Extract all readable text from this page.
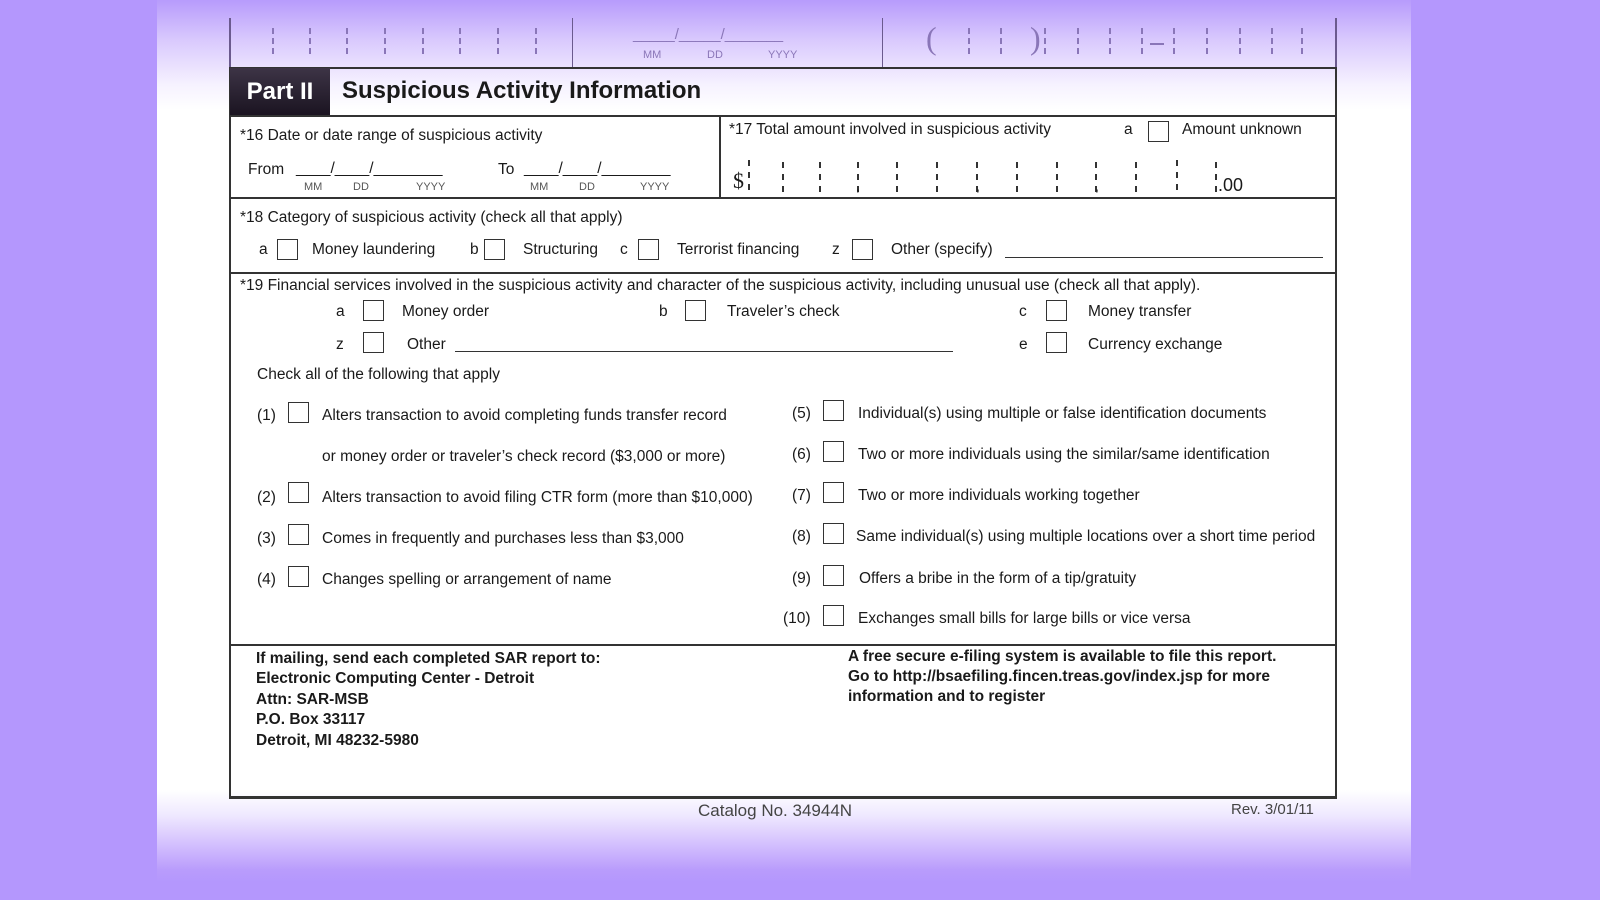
_____/_____/_______
MM	DD	YYYY	(	)
Part II	Suspicious Activity Information
*16 Date or date range of suspicious activity
From ____/____/________
MM	DD	YYYY
To ____/____/________
MM	DD	YYYY
*17 Total amount involved in suspicious activity	a	Amount unknown
$	,	,	,	.00
*18 Category of suspicious activity (check all that apply)
a	Money laundering b	Structuring c	Terrorist financing z	Other (specify)
*19 Financial services involved in the suspicious activity and character of the suspicious activity, including unusual use (check all that apply).
a	Money order	b	Traveler’s check	c	Money transfer
z	Other	e	Currency exchange
Check all of the following that apply
(1)	Alters transaction to avoid completing funds transfer record
or money order or traveler’s check record ($3,000 or more)
(2)	Alters transaction to avoid filing CTR form (more than $10,000)
(3)	Comes in frequently and purchases less than $3,000
(4)	Changes spelling or arrangement of name
(5)	Individual(s) using multiple or false identification documents
(6)	Two or more individuals using the similar/same identification
(7)	Two or more individuals working together
(8)	Same individual(s) using multiple locations over a short time period
(9)	Offers a bribe in the form of a tip/gratuity
(10)	Exchanges small bills for large bills or vice versa
If mailing, send each completed SAR report to:
Electronic Computing Center - Detroit
Attn: SAR-MSB
P.O. Box 33117
Detroit, MI 48232-5980
A free secure e-filing system is available to file this report.
Go to http://bsaefiling.fincen.treas.gov/index.jsp for more
information and to register
Catalog No. 34944N	Rev. 3/01/11
